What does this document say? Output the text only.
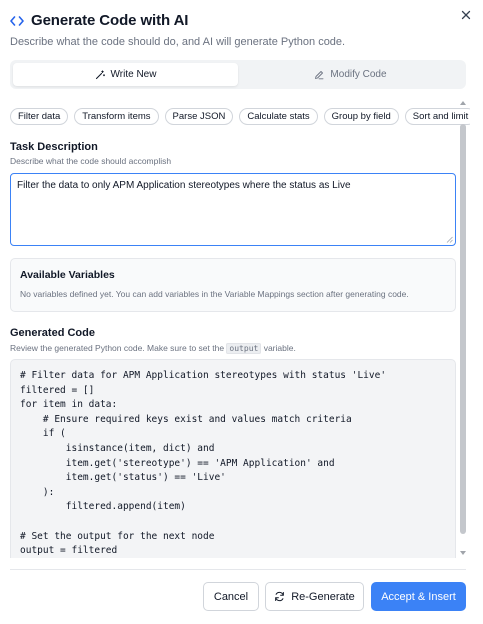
Generate Code with AI
Describe what the code should do, and AI will generate Python code.
Write New	Modify Code
Filter data	Transform items	Parse JSON	Calculate stats	Group by field	Sort and limit
Task Description
Describe what the code should accomplish
Filter the data to only APM Application stereotypes where the status as Live
Available Variables
No variables defined yet. You can add variables in the Variable Mappings section after generating code.
Generated Code
Review the generated Python code. Make sure to set the output variable.
# Filter data for APM Application stereotypes with status 'Live'
filtered = []
for item in data:
# Ensure required keys exist and values match criteria
if (
isinstance(item, dict) and
item.get('stereotype') == 'APM Application' and
item.get('status') == 'Live'
):
filtered.append(item)
# Set the output for the next node
output = filtered
Cancel	Re-Generate Accept & Insert
